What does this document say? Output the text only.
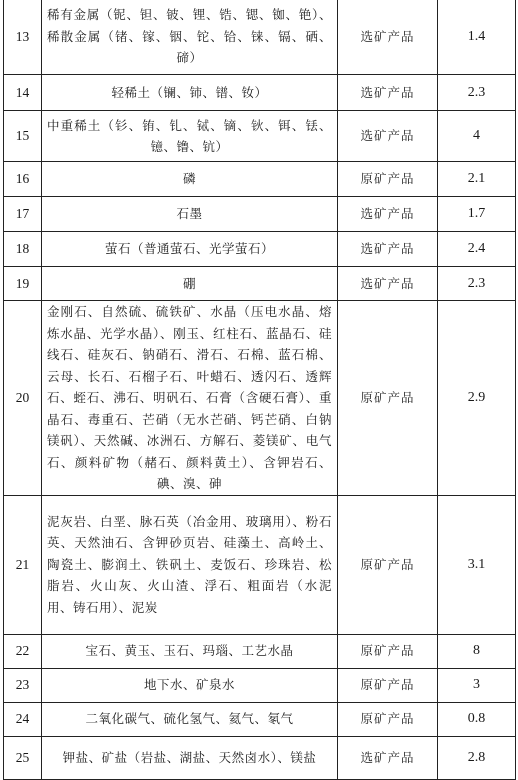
13	稀有金属（铌、钽、铍、锂、锆、锶、铷、铯）、稀散金属（锗、镓、铟、铊、铪、铼、镉、硒、碲）	选矿产品	1.4
14	轻稀土（镧、铈、镨、钕）	选矿产品	2.3
15	中重稀土（钐、铕、钆、铽、镝、钬、铒、铥、镱、镥、钪）	选矿产品	4
16	磷	原矿产品	2.1
17	石墨	选矿产品	1.7
18	萤石（普通萤石、光学萤石）	选矿产品	2.4
19	硼	选矿产品	2.3
20	金刚石、自然硫、硫铁矿、水晶（压电水晶、熔炼水晶、光学水晶）、刚玉、红柱石、蓝晶石、硅线石、硅灰石、钠硝石、滑石、石棉、蓝石棉、云母、长石、石榴子石、叶蜡石、透闪石、透辉石、蛭石、沸石、明矾石、石膏（含硬石膏）、重晶石、毒重石、芒硝（无水芒硝、钙芒硝、白钠镁矾）、天然碱、冰洲石、方解石、菱镁矿、电气石、颜料矿物（赭石、颜料黄土）、含钾岩石、碘、溴、砷	原矿产品	2.9
21	泥灰岩、白垩、脉石英（冶金用、玻璃用）、粉石英、天然油石、含钾砂页岩、硅藻土、高岭土、陶瓷土、膨润土、铁矾土、麦饭石、珍珠岩、松脂岩、火山灰、火山渣、浮石、粗面岩（水泥用、铸石用）、泥炭	原矿产品	3.1
22	宝石、黄玉、玉石、玛瑙、工艺水晶	原矿产品	8
23	地下水、矿泉水	原矿产品	3
24	二氧化碳气、硫化氢气、氦气、氡气	原矿产品	0.8
25	钾盐、矿盐（岩盐、湖盐、天然卤水）、镁盐	选矿产品	2.8
